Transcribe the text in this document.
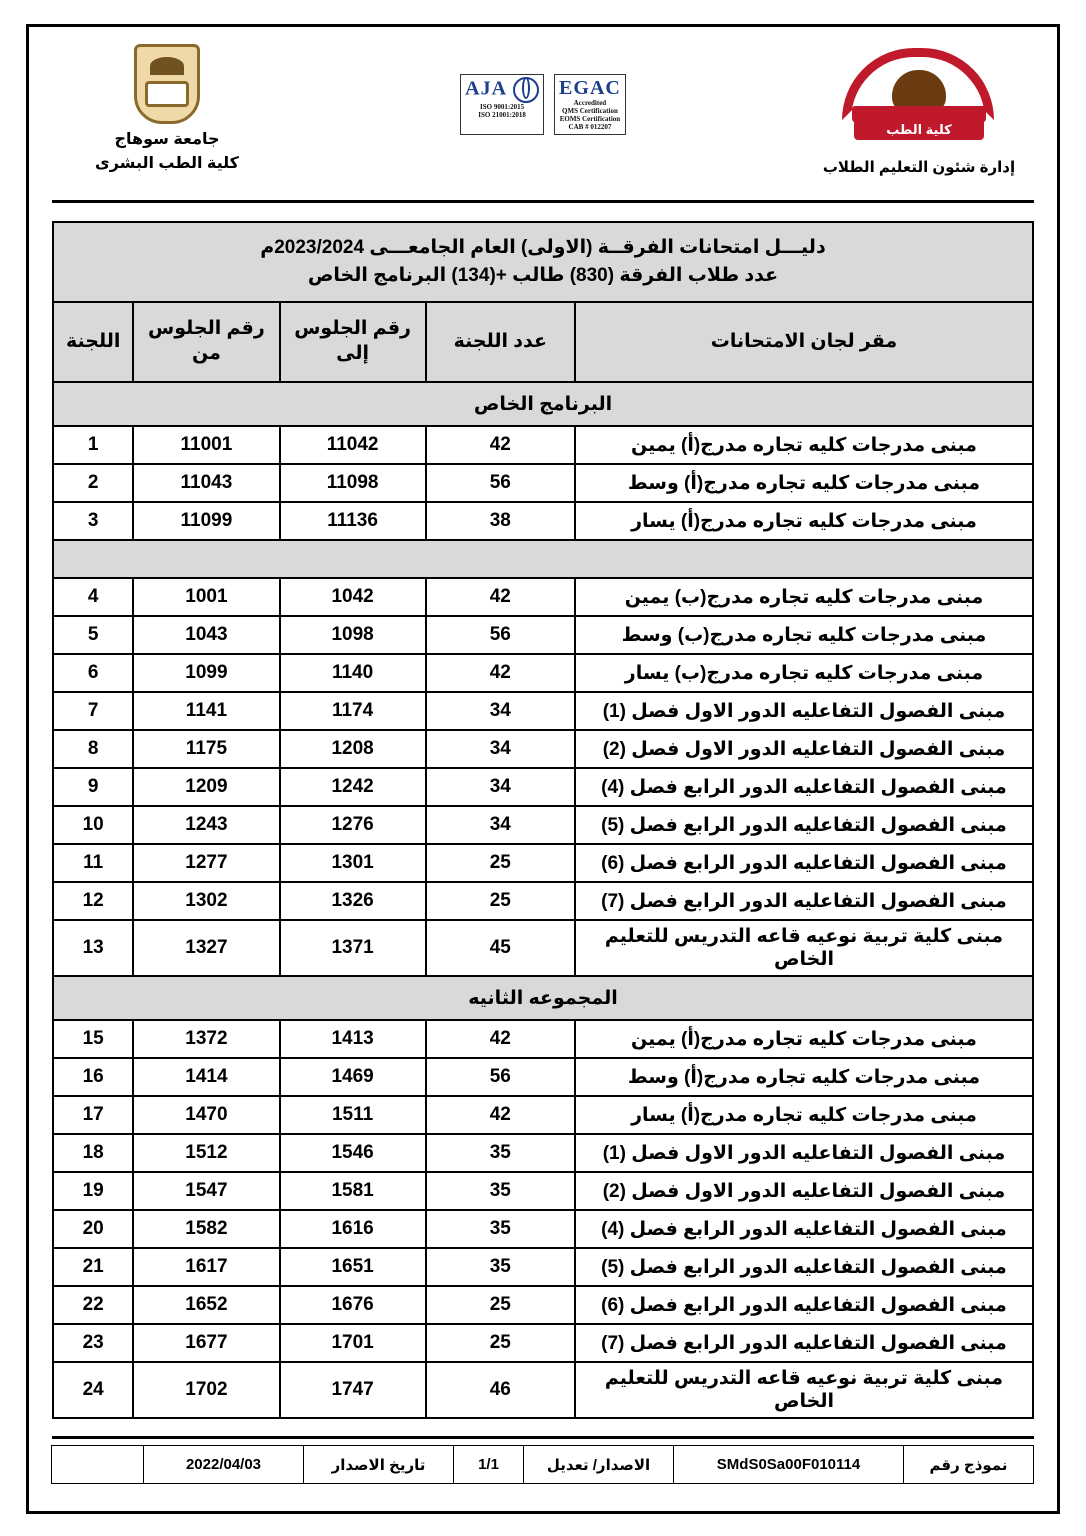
جامعة سوهاج
كلية الطب البشرى
EGAC
Accredited
QMS Certification
EOMS Certification
CAB # 012207
AJA
ISO 9001:2015
ISO 21001:2018
كلية الطب
إدارة شئون التعليم الطلاب
دليـــل امتحانات الفرقــة (الاولى) العام الجامعـــى 2023/2024م
عدد طلاب الفرقة (830) طالب +(134) البرنامج الخاص				

مقر لجان الامتحانات	عدد اللجنة	رقم الجلوس إلى	رقم الجلوس من	اللجنة
البرنامج الخاص				
مبنى مدرجات كلیه تجاره مدرج(أ) یمین	42	11042	11001	1
مبنى مدرجات كلیه تجاره مدرج(أ) وسط	56	11098	11043	2
مبنى مدرجات كلیه تجاره مدرج(أ) یسار	38	11136	11099	3

مبنى مدرجات كلیه تجاره مدرج(ب) یمین	42	1042	1001	4
مبنى مدرجات كلیه تجاره مدرج(ب) وسط	56	1098	1043	5
مبنى مدرجات كلیه تجاره مدرج(ب) یسار	42	1140	1099	6
مبنى الفصول التفاعلیه الدور الاول فصل (1)	34	1174	1141	7
مبنى الفصول التفاعلیه الدور الاول فصل (2)	34	1208	1175	8
مبنى الفصول التفاعلیه الدور الرابع فصل (4)	34	1242	1209	9
مبنى الفصول التفاعلیه الدور الرابع فصل (5)	34	1276	1243	10
مبنى الفصول التفاعلیه الدور الرابع فصل (6)	25	1301	1277	11
مبنى الفصول التفاعلیه الدور الرابع فصل (7)	25	1326	1302	12
مبنى كلیة تربیة نوعیه قاعه التدریس للتعلیم الخاص	45	1371	1327	13
المجموعه الثانیه				
مبنى مدرجات كلیه تجاره مدرج(أ) یمین	42	1413	1372	15
مبنى مدرجات كلیه تجاره مدرج(أ) وسط	56	1469	1414	16
مبنى مدرجات كلیه تجاره مدرج(أ) یسار	42	1511	1470	17
مبنى الفصول التفاعلیه الدور الاول فصل (1)	35	1546	1512	18
مبنى الفصول التفاعلیه الدور الاول فصل (2)	35	1581	1547	19
مبنى الفصول التفاعلیه الدور الرابع فصل (4)	35	1616	1582	20
مبنى الفصول التفاعلیه الدور الرابع فصل (5)	35	1651	1617	21
مبنى الفصول التفاعلیه الدور الرابع فصل (6)	25	1676	1652	22
مبنى الفصول التفاعلیه الدور الرابع فصل (7)	25	1701	1677	23
مبنى كلیة تربیة نوعیه قاعه التدریس للتعلیم الخاص	46	1747	1702	24
نموذج رقم	SMdS0Sa00F010114	الاصدار/ تعديل	1/1	تاريخ الاصدار	2022/04/03	
